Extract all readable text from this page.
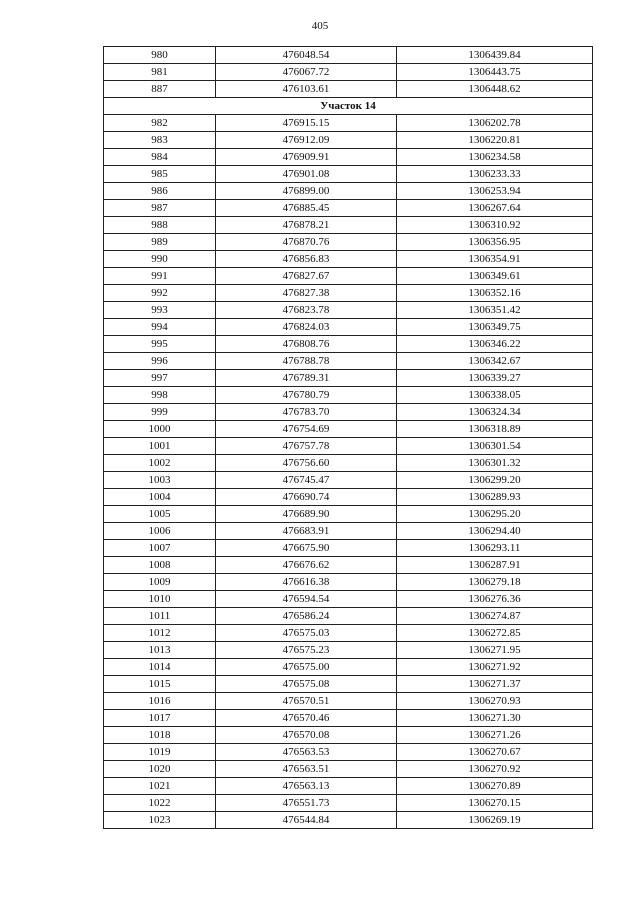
405
980	476048.54	1306439.84
981	476067.72	1306443.75
887	476103.61	1306448.62
Участок 14		
982	476915.15	1306202.78
983	476912.09	1306220.81
984	476909.91	1306234.58
985	476901.08	1306233.33
986	476899.00	1306253.94
987	476885.45	1306267.64
988	476878.21	1306310.92
989	476870.76	1306356.95
990	476856.83	1306354.91
991	476827.67	1306349.61
992	476827.38	1306352.16
993	476823.78	1306351.42
994	476824.03	1306349.75
995	476808.76	1306346.22
996	476788.78	1306342.67
997	476789.31	1306339.27
998	476780.79	1306338.05
999	476783.70	1306324.34
1000	476754.69	1306318.89
1001	476757.78	1306301.54
1002	476756.60	1306301.32
1003	476745.47	1306299.20
1004	476690.74	1306289.93
1005	476689.90	1306295.20
1006	476683.91	1306294.40
1007	476675.90	1306293.11
1008	476676.62	1306287.91
1009	476616.38	1306279.18
1010	476594.54	1306276.36
1011	476586.24	1306274.87
1012	476575.03	1306272.85
1013	476575.23	1306271.95
1014	476575.00	1306271.92
1015	476575.08	1306271.37
1016	476570.51	1306270.93
1017	476570.46	1306271.30
1018	476570.08	1306271.26
1019	476563.53	1306270.67
1020	476563.51	1306270.92
1021	476563.13	1306270.89
1022	476551.73	1306270.15
1023	476544.84	1306269.19
